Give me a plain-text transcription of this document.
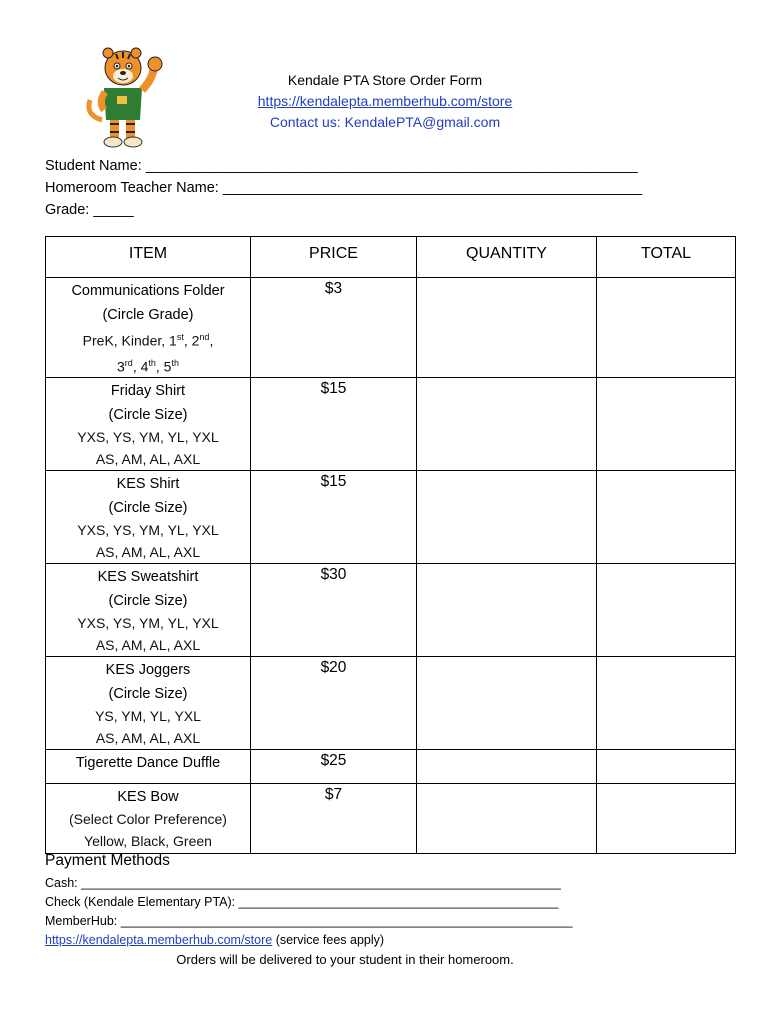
Kendale PTA Store Order Form
https://kendalepta.memberhub.com/store
Contact us: KendalePTA@gmail.com
Student Name: _____________________________________________________________
Homeroom Teacher Name: ____________________________________________________
Grade: _____
ITEM	PRICE	QUANTITY	TOTAL

Communications Folder
(Circle Grade)
PreK, Kinder, 1st, 2nd,
3rd, 4th, 5th	$3		

Friday Shirt
(Circle Size)
YXS, YS, YM, YL, YXL
AS, AM, AL, AXL	$15		

KES Shirt
(Circle Size)
YXS, YS, YM, YL, YXL
AS, AM, AL, AXL	$15		

KES Sweatshirt
(Circle Size)
YXS, YS, YM, YL, YXL
AS, AM, AL, AXL	$30		

KES Joggers
(Circle Size)
YS, YM, YL, YXL
AS, AM, AL, AXL	$20		

Tigerette Dance Duffle	$25		

KES Bow
(Select Color Preference)
Yellow, Black, Green	$7		
Payment Methods
Cash: _____________________________________________________________________
Check (Kendale Elementary PTA): ______________________________________________
MemberHub: _________________________________________________________________
https://kendalepta.memberhub.com/store (service fees apply)
Orders will be delivered to your student in their homeroom.
